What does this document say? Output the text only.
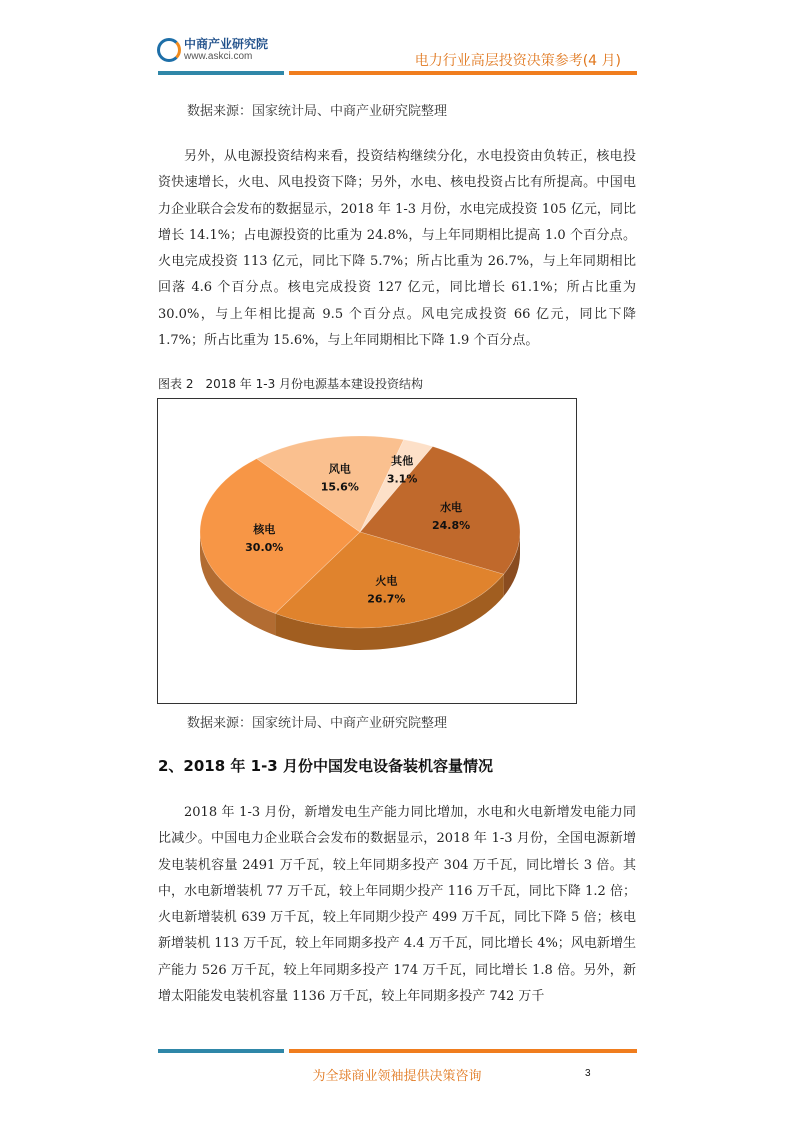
中商产业研究院
www.askci.com	电力行业高层投资决策参考(4 月)
数据来源：国家统计局、中商产业研究院整理

另外，从电源投资结构来看，投资结构继续分化，水电投资由负转正，核电投资快速增长，火电、风电投资下降；另外，水电、核电投资占比有所提高。中国电力企业联合会发布的数据显示，2018 年 1-3 月份，水电完成投资 105 亿元，同比增长 14.1%；占电源投资的比重为 24.8%，与上年同期相比提高 1.0 个百分点。火电完成投资 113 亿元，同比下降 5.7%；所占比重为 26.7%，与上年同期相比回落 4.6 个百分点。核电完成投资 127 亿元，同比增长 61.1%；所占比重为 30.0%，与上年相比提高 9.5 个百分点。风电完成投资 66 亿元，同比下降 1.7%；所占比重为 15.6%，与上年同期相比下降 1.9 个百分点。

图表 2　2018 年 1-3 月份电源基本建设投资结构
水电
24.8%
火电
26.7%
核电
30.0%
风电
15.6%
其他
3.1%
数据来源：国家统计局、中商产业研究院整理
2、2018 年 1-3 月份中国发电设备装机容量情况

2018 年 1-3 月份，新增发电生产能力同比增加，水电和火电新增发电能力同比减少。中国电力企业联合会发布的数据显示，2018 年 1-3 月份，全国电源新增发电装机容量 2491 万千瓦，较上年同期多投产 304 万千瓦，同比增长 3 倍。其中，水电新增装机 77 万千瓦，较上年同期少投产 116 万千瓦，同比下降 1.2 倍；火电新增装机 639 万千瓦，较上年同期少投产 499 万千瓦，同比下降 5 倍；核电新增装机 113 万千瓦，较上年同期多投产 4.4 万千瓦，同比增长 4%；风电新增生产能力 526 万千瓦，较上年同期多投产 174 万千瓦，同比增长 1.8 倍。另外，新增太阳能发电装机容量 1136 万千瓦，较上年同期多投产 742 万千

为全球商业领袖提供决策咨询	3
